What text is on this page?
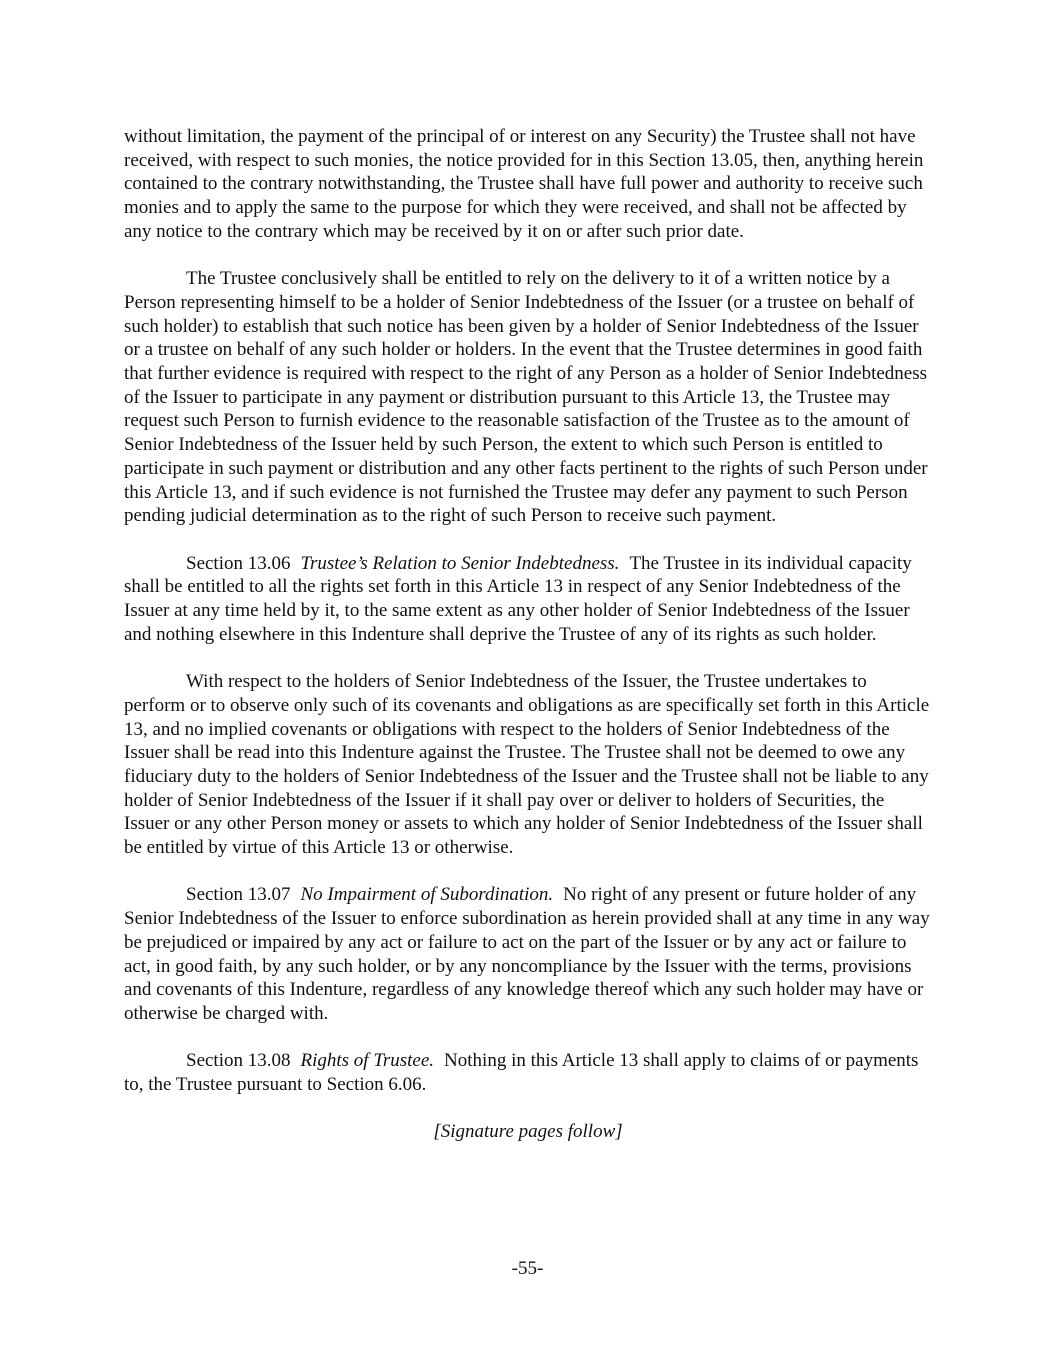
without limitation, the payment of the principal of or interest on any Security) the Trustee shall not have received, with respect to such monies, the notice provided for in this Section 13.05, then, anything herein contained to the contrary notwithstanding, the Trustee shall have full power and authority to receive such monies and to apply the same to the purpose for which they were received, and shall not be affected by any notice to the contrary which may be received by it on or after such prior date.

The Trustee conclusively shall be entitled to rely on the delivery to it of a written notice by a Person representing himself to be a holder of Senior Indebtedness of the Issuer (or a trustee on behalf of such holder) to establish that such notice has been given by a holder of Senior Indebtedness of the Issuer or a trustee on behalf of any such holder or holders. In the event that the Trustee determines in good faith that further evidence is required with respect to the right of any Person as a holder of Senior Indebtedness of the Issuer to participate in any payment or distribution pursuant to this Article 13, the Trustee may request such Person to furnish evidence to the reasonable satisfaction of the Trustee as to the amount of Senior Indebtedness of the Issuer held by such Person, the extent to which such Person is entitled to participate in such payment or distribution and any other facts pertinent to the rights of such Person under this Article 13, and if such evidence is not furnished the Trustee may defer any payment to such Person pending judicial determination as to the right of such Person to receive such payment.

Section 13.06 Trustee’s Relation to Senior Indebtedness. The Trustee in its individual capacity shall be entitled to all the rights set forth in this Article 13 in respect of any Senior Indebtedness of the Issuer at any time held by it, to the same extent as any other holder of Senior Indebtedness of the Issuer and nothing elsewhere in this Indenture shall deprive the Trustee of any of its rights as such holder.

With respect to the holders of Senior Indebtedness of the Issuer, the Trustee undertakes to perform or to observe only such of its covenants and obligations as are specifically set forth in this Article 13, and no implied covenants or obligations with respect to the holders of Senior Indebtedness of the Issuer shall be read into this Indenture against the Trustee. The Trustee shall not be deemed to owe any fiduciary duty to the holders of Senior Indebtedness of the Issuer and the Trustee shall not be liable to any holder of Senior Indebtedness of the Issuer if it shall pay over or deliver to holders of Securities, the Issuer or any other Person money or assets to which any holder of Senior Indebtedness of the Issuer shall be entitled by virtue of this Article 13 or otherwise.

Section 13.07 No Impairment of Subordination. No right of any present or future holder of any Senior Indebtedness of the Issuer to enforce subordination as herein provided shall at any time in any way be prejudiced or impaired by any act or failure to act on the part of the Issuer or by any act or failure to act, in good faith, by any such holder, or by any noncompliance by the Issuer with the terms, provisions and covenants of this Indenture, regardless of any knowledge thereof which any such holder may have or otherwise be charged with.

Section 13.08 Rights of Trustee. Nothing in this Article 13 shall apply to claims of or payments to, the Trustee pursuant to Section 6.06.

[Signature pages follow]

-55-
